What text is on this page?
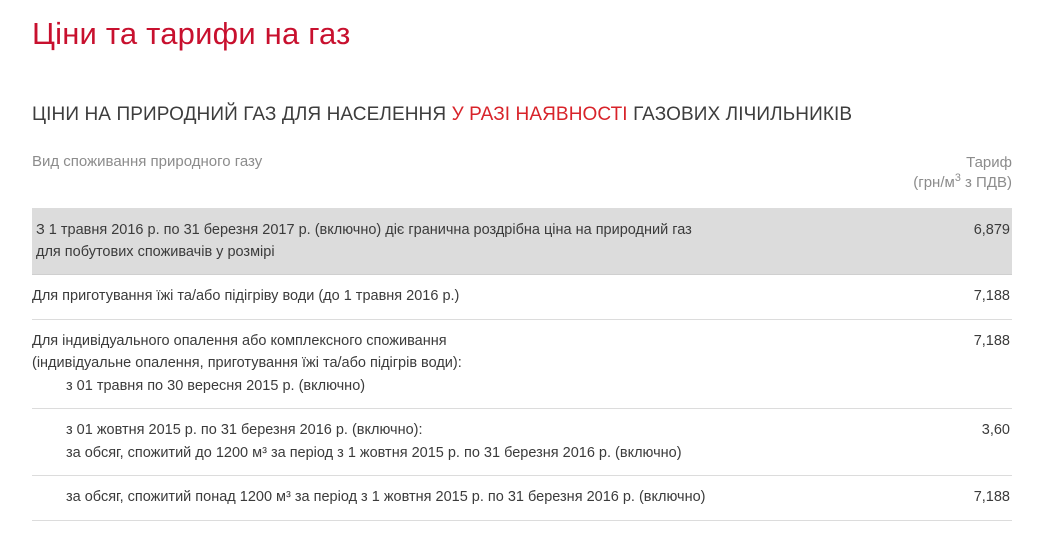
Ціни та тарифи на газ
ЦІНИ НА ПРИРОДНИЙ ГАЗ ДЛЯ НАСЕЛЕННЯ У РАЗІ НАЯВНОСТІ ГАЗОВИХ ЛІЧИЛЬНИКІВ
Вид споживання природного газу	Тариф
($грн/м^3$ з ПДВ)
З 1 травня 2016 р. по 31 березня 2017 р. (включно) діє гранична роздрібна ціна на природний газ
для побутових споживачів у розмірі	6,879
Для приготування їжі та/або підігріву води (до 1 травня 2016 р.)	7,188
Для індивідуального опалення або комплексного споживання
(індивідуальне опалення, приготування їжі та/або підігрів води):
з 01 травня по 30 вересня 2015 р. (включно)	7,188

з 01 жовтня 2015 р. по 31 березня 2016 р. (включно):
за обсяг, спожитий до 1200 м³ за період з 1 жовтня 2015 р. по 31 березня 2016 р. (включно)	3,60

за обсяг, спожитий понад 1200 м³ за період з 1 жовтня 2015 р. по 31 березня 2016 р. (включно)	7,188
